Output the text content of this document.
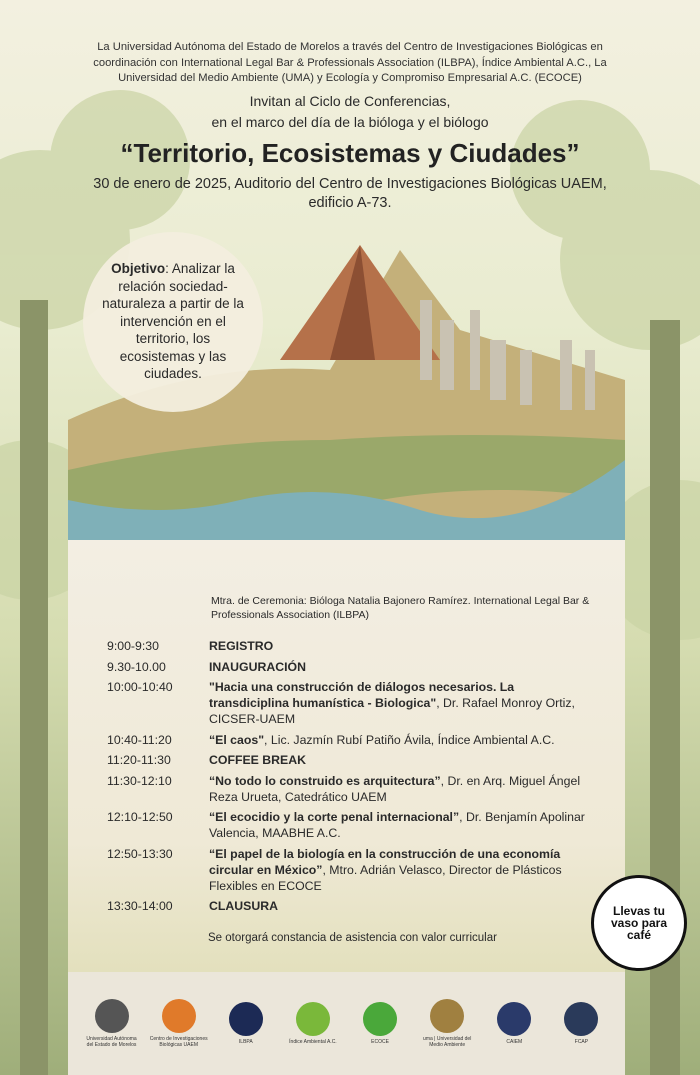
La Universidad Autónoma del Estado de Morelos a través del Centro de Investigaciones Biológicas en coordinación con International Legal Bar & Professionals Association (ILBPA), Índice Ambiental A.C., La Universidad del Medio Ambiente (UMA) y Ecología y Compromiso Empresarial A.C. (ECOCE)

Invitan al Ciclo de Conferencias,

en el marco del día de la bióloga y el biólogo

“Territorio, Ecosistemas y Ciudades”

30 de enero de 2025, Auditorio del Centro de Investigaciones Biológicas UAEM, edificio A-73.

Objetivo: Analizar la relación sociedad-naturaleza a partir de la intervención en el territorio, los ecosistemas y las ciudades.

Mtra. de Ceremonia: Bióloga Natalia Bajonero Ramírez. International Legal Bar & Professionals Association (ILBPA)

9:00-9:30	REGISTRO
9.30-10.00	INAUGURACIÓN
10:00-10:40	"Hacia una construcción de diálogos necesarios. La transdiciplina humanística - Biologica", Dr. Rafael Monroy Ortiz, CICSER-UAEM
10:40-11:20	“El caos", Lic. Jazmín Rubí Patiño Ávila, Índice Ambiental A.C.
11:20-11:30	COFFEE BREAK
11:30-12:10	“No todo lo construido es arquitectura”, Dr. en Arq. Miguel Ángel Reza Urueta, Catedrático UAEM
12:10-12:50	“El ecocidio y la corte penal internacional”, Dr. Benjamín Apolinar Valencia, MAABHE A.C.
12:50-13:30	“El papel de la biología en la construcción de una economía circular en México”, Mtro. Adrián Velasco, Director de Plásticos Flexibles en ECOCE
13:30-14:00	CLAUSURA

Se otorgará constancia de asistencia con valor curricular

Llevas tu vaso para café
Universidad Autónoma del Estado de Morelos
Centro de Investigaciones Biológicas UAEM	ILBPA	Índice Ambiental A.C.	ECOCE	uma | Universidad del Medio Ambiente	CAIEM	FCAP
